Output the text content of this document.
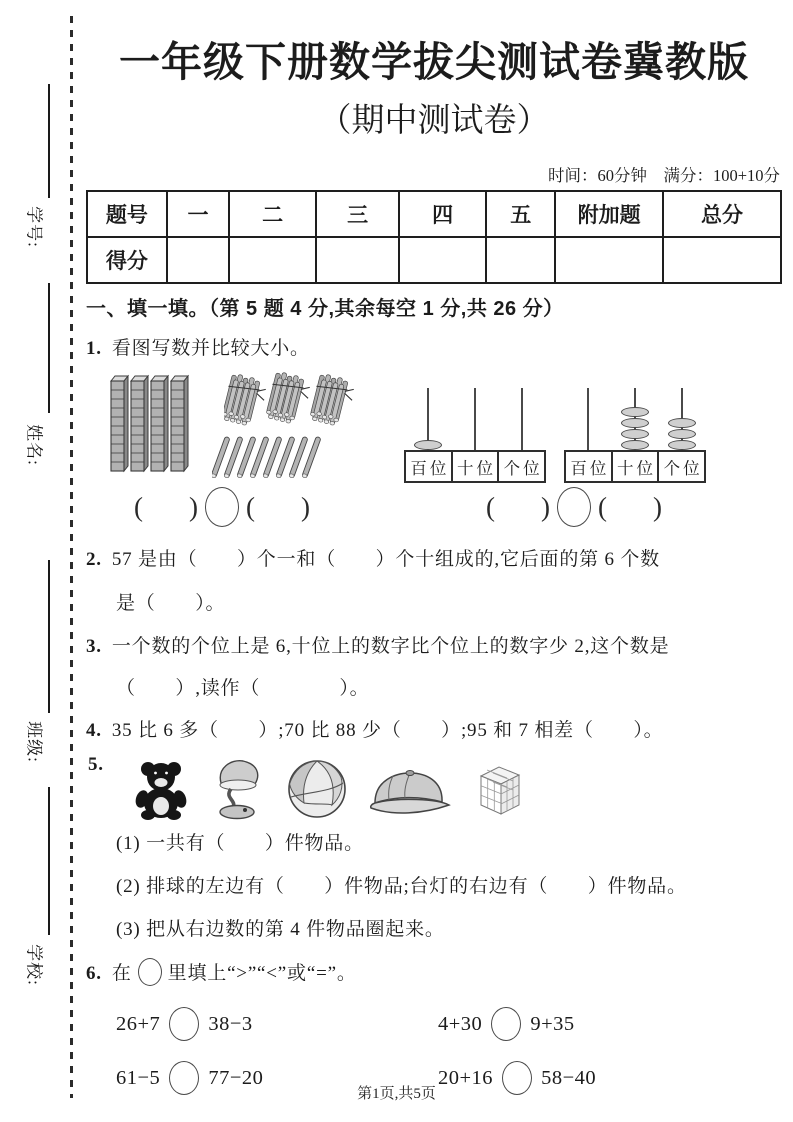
学号:
姓名:
班级:
学校:
一年级下册数学拔尖测试卷冀教版
（期中测试卷）
时间：60分钟　满分：100+10分
题号	一	二	三	四	五	附加题	总分
得分							
一、填一填。（第 5 题 4 分,其余每空 1 分,共 26 分）
1. 看图写数并比较大小。
百位 十位 个位 百位 十位 个位
( ) ( )	( ) ( )
2. 57 是由（　　）个一和（　　）个十组成的,它后面的第 6 个数
是（　　）。
3. 一个数的个位上是 6,十位上的数字比个位上的数字少 2,这个数是
（　　）,读作（　　　　）。
4. 35 比 6 多（　　）;70 比 88 少（　　）;95 和 7 相差（　　）。
5.
(1) 一共有（　　）件物品。
(2) 排球的左边有（　　）件物品;台灯的右边有（　　）件物品。
(3) 把从右边数的第 4 件物品圈起来。
6. 在 里填上“>”“<”或“=”。
26+7 38−3	4+30 9+35
61−5 77−20	20+16 58−40
第1页,共5页
